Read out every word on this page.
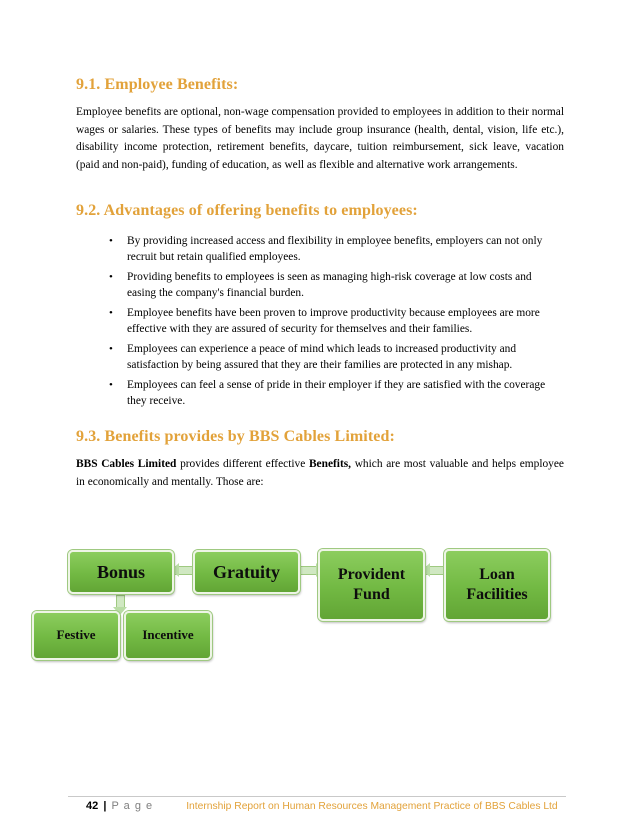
9.1. Employee Benefits:
Employee benefits are optional, non-wage compensation provided to employees in addition to their normal wages or salaries. These types of benefits may include group insurance (health, dental, vision, life etc.), disability income protection, retirement benefits, daycare, tuition reimbursement, sick leave, vacation (paid and non-paid), funding of education, as well as flexible and alternative work arrangements.
9.2. Advantages of offering benefits to employees:
• By providing increased access and flexibility in employee benefits, employers can not only recruit but retain qualified employees.
• Providing benefits to employees is seen as managing high-risk coverage at low costs and easing the company's financial burden.
• Employee benefits have been proven to improve productivity because employees are more effective with they are assured of security for themselves and their families.
• Employees can experience a peace of mind which leads to increased productivity and satisfaction by being assured that they are their families are protected in any mishap.
• Employees can feel a sense of pride in their employer if they are satisfied with the coverage they receive.
9.3. Benefits provides by BBS Cables Limited:
BBS Cables Limited provides different effective Benefits, which are most valuable and helps employee in economically and mentally. Those are:
Bonus	Gratuity	Provident Fund
Loan Facilities
Festive	Incentive
42 | P a g e	Internship Report on Human Resources Management Practice of BBS Cables Ltd
